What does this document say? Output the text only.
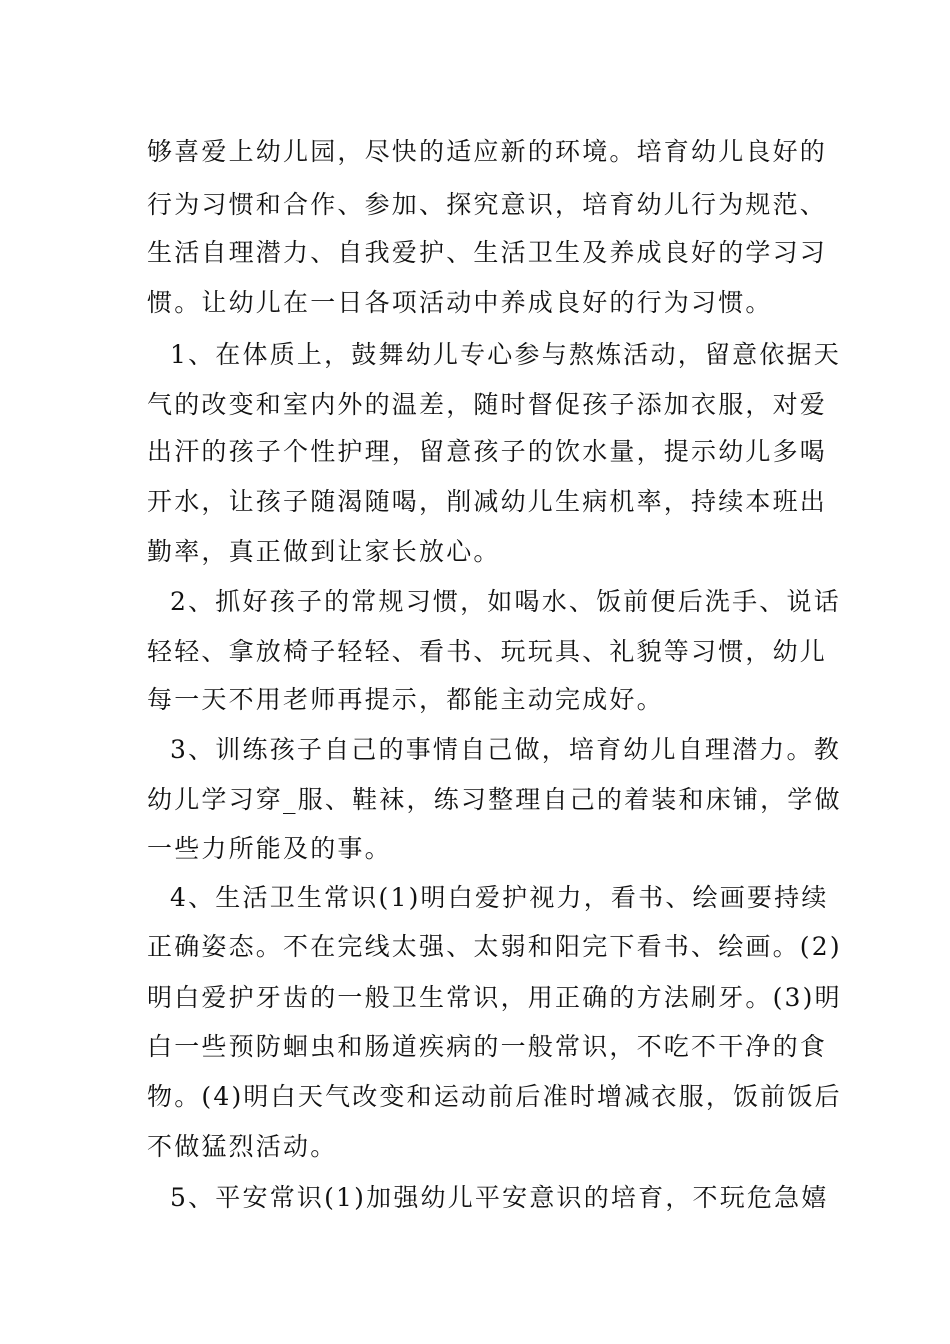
够喜爱上幼儿园，尽快的适应新的环境。培育幼儿良好的
行为习惯和合作、参加、探究意识，培育幼儿行为规范、
生活自理潜力、自我爱护、生活卫生及养成良好的学习习
惯。让幼儿在一日各项活动中养成良好的行为习惯。
1、在体质上，鼓舞幼儿专心参与熬炼活动，留意依据天
气的改变和室内外的温差，随时督促孩子添加衣服，对爱
出汗的孩子个性护理，留意孩子的饮水量，提示幼儿多喝
开水，让孩子随渴随喝，削减幼儿生病机率，持续本班出
勤率，真正做到让家长放心。
2、抓好孩子的常规习惯，如喝水、饭前便后洗手、说话
轻轻、拿放椅子轻轻、看书、玩玩具、礼貌等习惯，幼儿
每一天不用老师再提示，都能主动完成好。
3、训练孩子自己的事情自己做，培育幼儿自理潜力。教
幼儿学习穿_服、鞋袜，练习整理自己的着装和床铺，学做
一些力所能及的事。
4、生活卫生常识(1)明白爱护视力，看书、绘画要持续
正确姿态。不在完线太强、太弱和阳完下看书、绘画。(2)
明白爱护牙齿的一般卫生常识，用正确的方法刷牙。(3)明
白一些预防蛔虫和肠道疾病的一般常识，不吃不干净的食
物。(4)明白天气改变和运动前后准时增减衣服，饭前饭后
不做猛烈活动。
5、平安常识(1)加强幼儿平安意识的培育，不玩危急嬉
